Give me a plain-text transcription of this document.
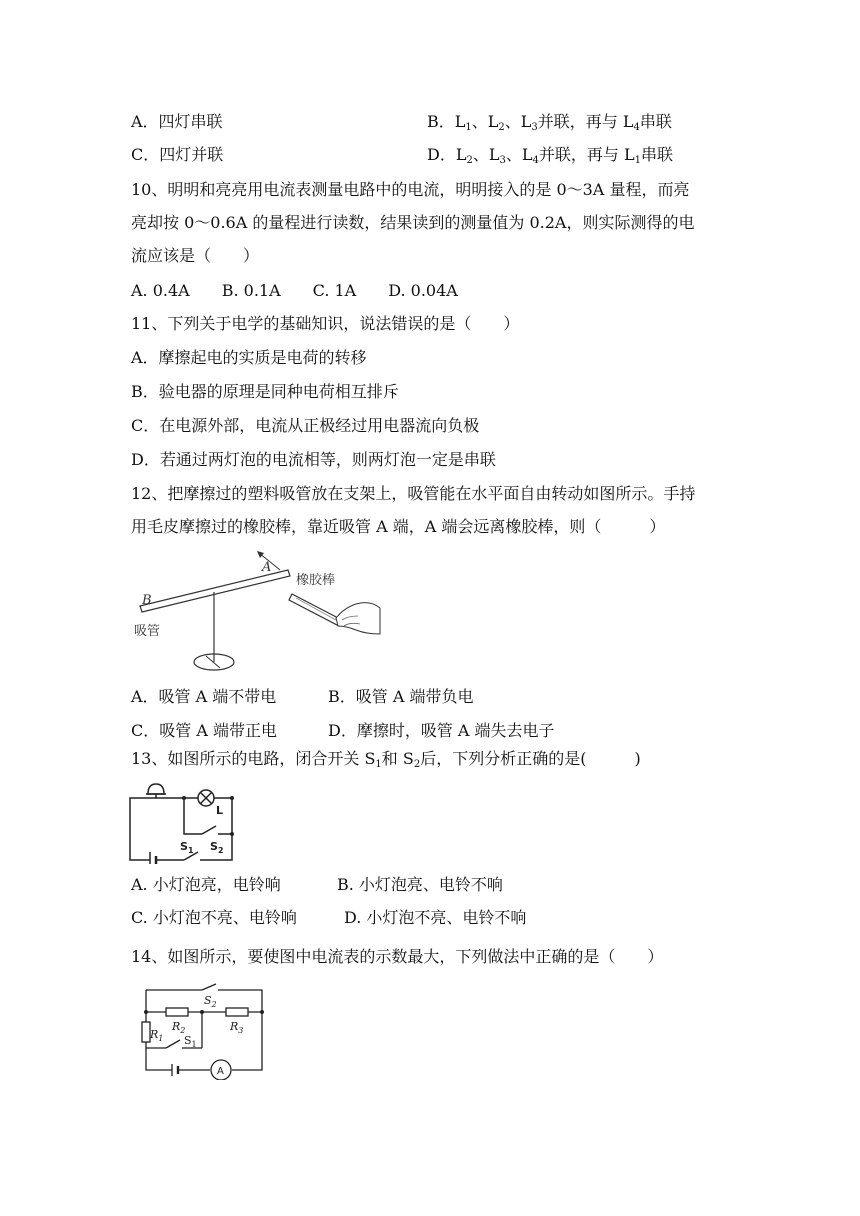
A．四灯串联	B．$L_1$、$L_2$、$L_3$并联，再与 $L_4$串联
C．四灯并联	D．$L_2$、$L_3$、$L_4$并联，再与 $L_1$串联
10、明明和亮亮用电流表测量电路中的电流，明明接入的是 0～3A 量程，而亮
亮却按 0～0.6A 的量程进行读数，结果读到的测量值为 0.2A，则实际测得的电
流应该是（　　）
A. 0.4A　　B. 0.1A　　C. 1A　　D. 0.04A
11、下列关于电学的基础知识，说法错误的是（　　）
A．摩擦起电的实质是电荷的转移
B．验电器的原理是同种电荷相互排斥
C．在电源外部，电流从正极经过用电器流向负极
D．若通过两灯泡的电流相等，则两灯泡一定是串联
12、把摩擦过的塑料吸管放在支架上，吸管能在水平面自由转动如图所示。手持
用毛皮摩擦过的橡胶棒，靠近吸管 A 端，A 端会远离橡胶棒，则（　　　）
A
B
橡胶棒
吸管
A．吸管 A 端不带电	B．吸管 A 端带负电
C．吸管 A 端带正电	D．摩擦时，吸管 A 端失去电子
13、如图所示的电路，闭合开关 $S_1$和 $S_2$后，下列分析正确的是(　　　)
L
$S_2$
$S_1$
A. 小灯泡亮，电铃响	B. 小灯泡亮、电铃不响
C. 小灯泡不亮、电铃响	D. 小灯泡不亮、电铃不响
14、如图所示，要使图中电流表的示数最大，下列做法中正确的是（　　）
$S_2$
$R_1$
$R_2$	$R_3$
$S_1$
A
